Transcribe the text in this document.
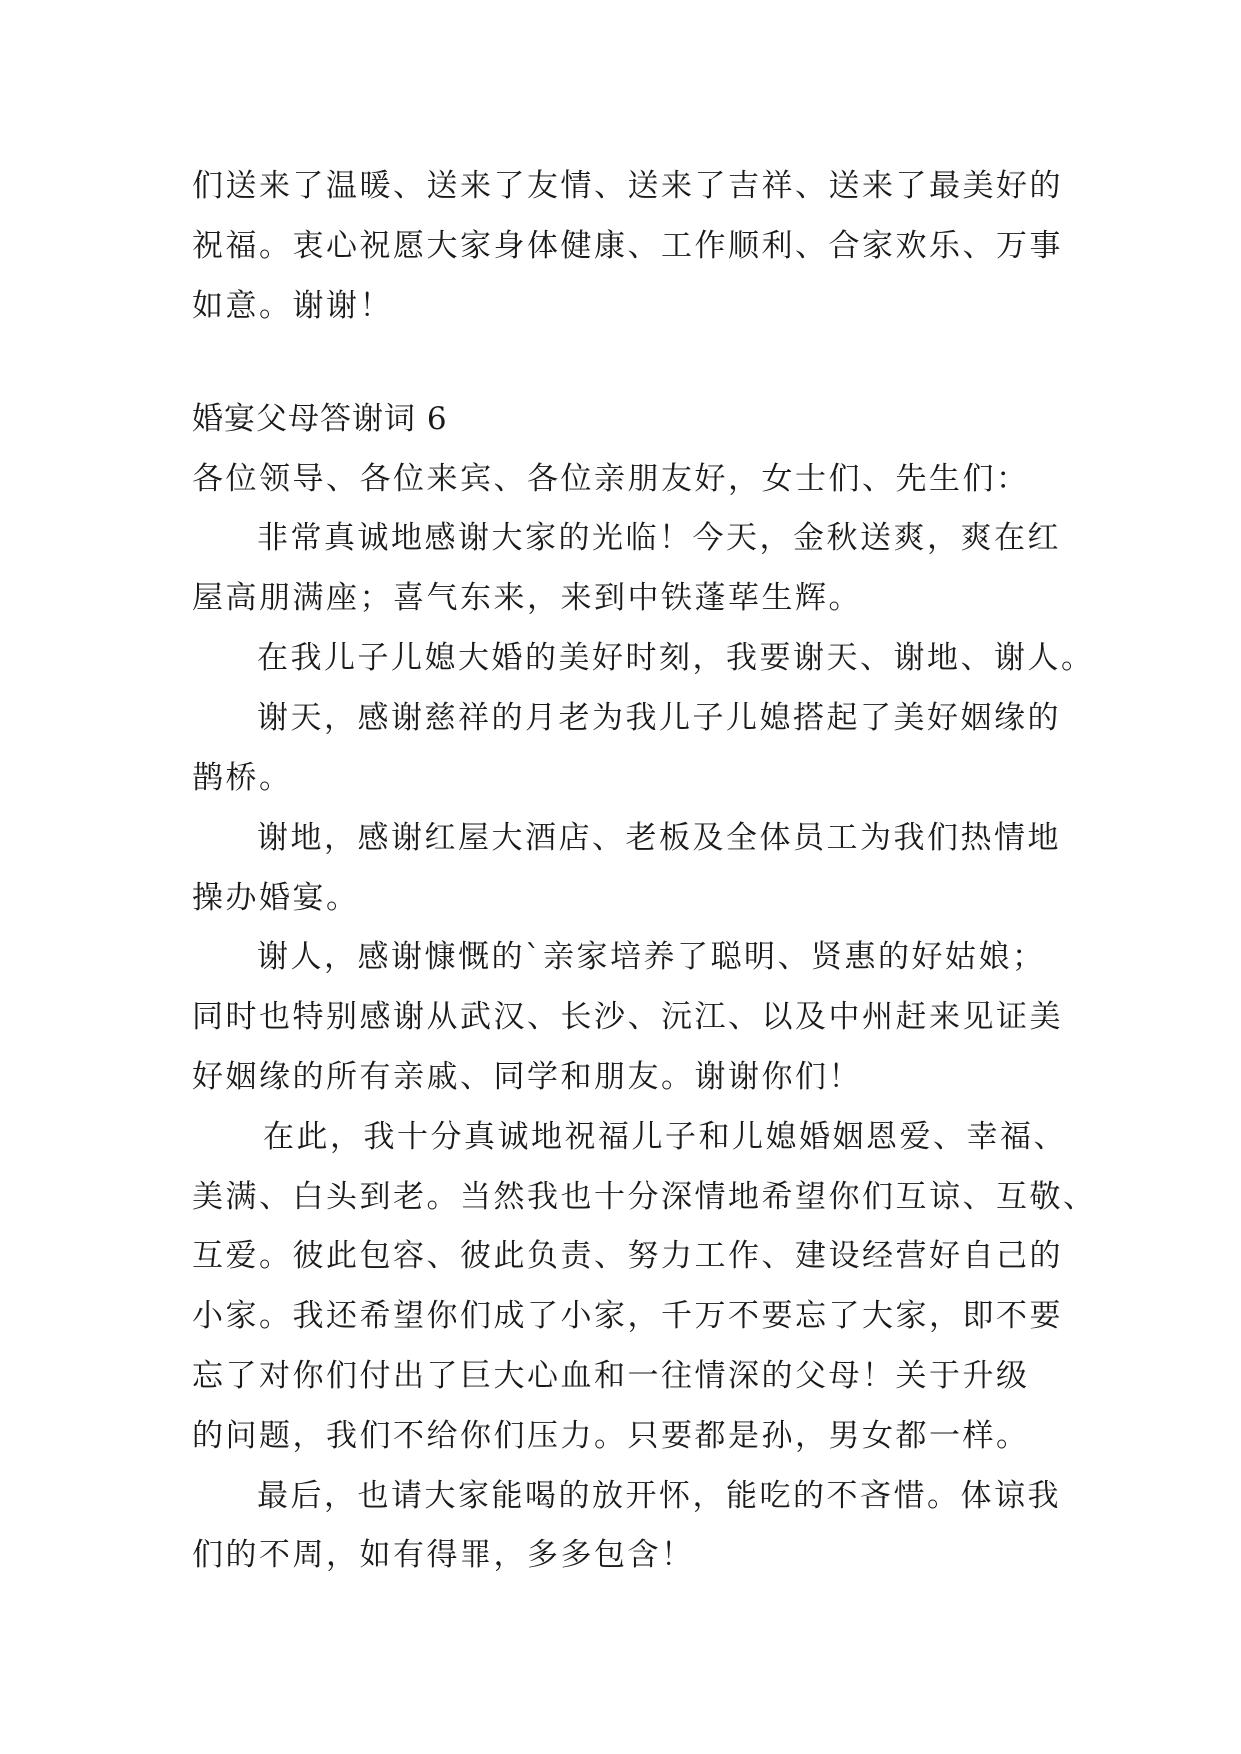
们送来了温暖、送来了友情、送来了吉祥、送来了最美好的
祝福。衷心祝愿大家身体健康、工作顺利、合家欢乐、万事
如意。谢谢！
婚宴父母答谢词 6
各位领导、各位来宾、各位亲朋友好，女士们、先生们：
非常真诚地感谢大家的光临！今天，金秋送爽，爽在红
屋高朋满座；喜气东来，来到中铁蓬荜生辉。
在我儿子儿媳大婚的美好时刻，我要谢天、谢地、谢人。
谢天，感谢慈祥的月老为我儿子儿媳搭起了美好姻缘的
鹊桥。
谢地，感谢红屋大酒店、老板及全体员工为我们热情地
操办婚宴。
谢人，感谢慷慨的`亲家培养了聪明、贤惠的好姑娘；
同时也特别感谢从武汉、长沙、沅江、以及中州赶来见证美
好姻缘的所有亲戚、同学和朋友。谢谢你们！
在此，我十分真诚地祝福儿子和儿媳婚姻恩爱、幸福、
美满、白头到老。当然我也十分深情地希望你们互谅、互敬、
互爱。彼此包容、彼此负责、努力工作、建设经营好自己的
小家。我还希望你们成了小家，千万不要忘了大家，即不要
忘了对你们付出了巨大心血和一往情深的父母！关于升级
的问题，我们不给你们压力。只要都是孙，男女都一样。
最后，也请大家能喝的放开怀，能吃的不吝惜。体谅我
们的不周，如有得罪，多多包含！
